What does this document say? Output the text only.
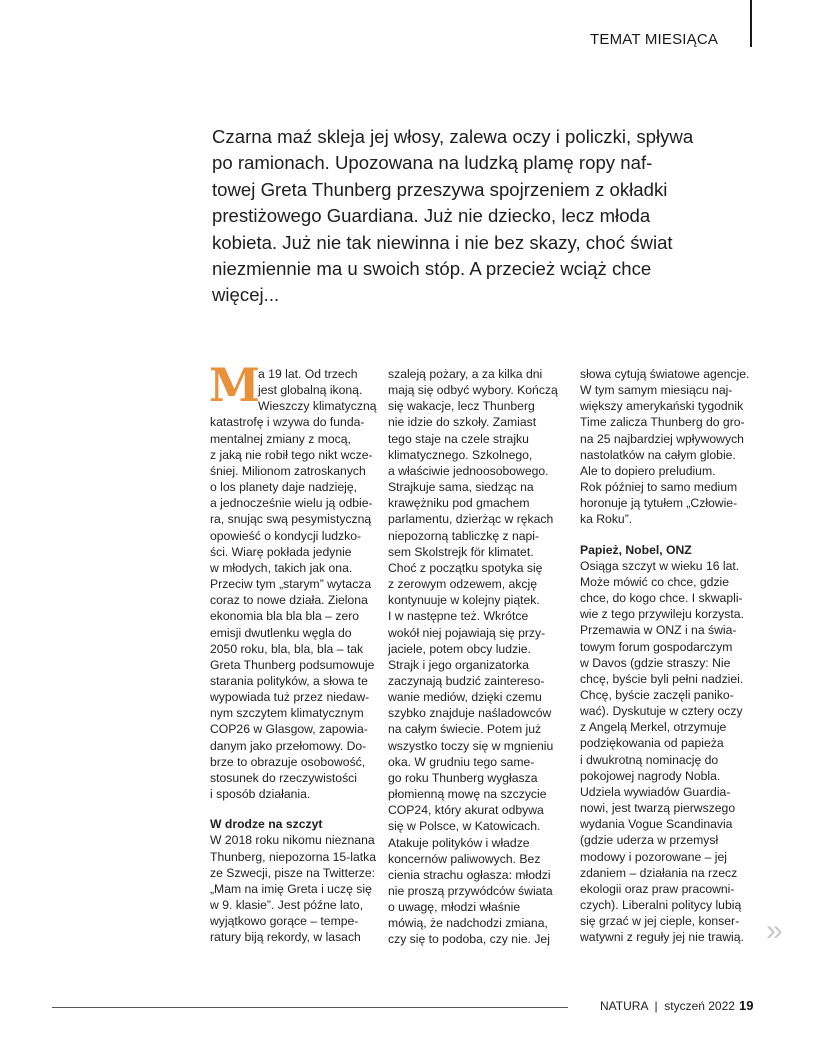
TEMAT MIESIĄCA
Czarna maź skleja jej włosy, zalewa oczy i policzki, spływa
po ramionach. Upozowana na ludzką plamę ropy naf-
towej Greta Thunberg przeszywa spojrzeniem z okładki
prestiżowego Guardiana. Już nie dziecko, lecz młoda
kobieta. Już nie tak niewinna i nie bez skazy, choć świat
niezmiennie ma u swoich stóp. A przecież wciąż chce
więcej...
M
a 19 lat. Od trzech
jest globalną ikoną.
Wieszczy klimatyczną
katastrofę i wzywa do funda-
mentalnej zmiany z mocą,
z jaką nie robił tego nikt wcze-
śniej. Milionom zatroskanych
o los planety daje nadzieję,
a jednocześnie wielu ją odbie-
ra, snując swą pesymistyczną
opowieść o kondycji ludzko-
ści. Wiarę pokłada jedynie
w młodych, takich jak ona.
Przeciw tym „starym” wytacza
coraz to nowe działa. Zielona
ekonomia bla bla bla – zero
emisji dwutlenku węgla do
2050 roku, bla, bla, bla – tak
Greta Thunberg podsumowuje
starania polityków, a słowa te
wypowiada tuż przez niedaw-
nym szczytem klimatycznym
COP26 w Glasgow, zapowia-
danym jako przełomowy. Do-
brze to obrazuje osobowość,
stosunek do rzeczywistości
i sposób działania.
W drodze na szczyt
W 2018 roku nikomu nieznana
Thunberg, niepozorna 15-latka
ze Szwecji, pisze na Twitterze:
„Mam na imię Greta i uczę się
w 9. klasie”. Jest późne lato,
wyjątkowo gorące – tempe-
ratury biją rekordy, w lasach
szaleją pożary, a za kilka dni
mają się odbyć wybory. Kończą
się wakacje, lecz Thunberg
nie idzie do szkoły. Zamiast
tego staje na czele strajku
klimatycznego. Szkolnego,
a właściwie jednoosobowego.
Strajkuje sama, siedząc na
krawężniku pod gmachem
parlamentu, dzierżąc w rękach
niepozorną tabliczkę z napi-
sem Skolstrejk för klimatet.
Choć z początku spotyka się
z zerowym odzewem, akcję
kontynuuje w kolejny piątek.
I w następne też. Wkrótce
wokół niej pojawiają się przy-
jaciele, potem obcy ludzie.
Strajk i jego organizatorka
zaczynają budzić zaintereso-
wanie mediów, dzięki czemu
szybko znajduje naśladowców
na całym świecie. Potem już
wszystko toczy się w mgnieniu
oka. W grudniu tego same-
go roku Thunberg wygłasza
płomienną mowę na szczycie
COP24, który akurat odbywa
się w Polsce, w Katowicach.
Atakuje polityków i władze
koncernów paliwowych. Bez
cienia strachu ogłasza: młodzi
nie proszą przywódców świata
o uwagę, młodzi właśnie
mówią, że nadchodzi zmiana,
czy się to podoba, czy nie. Jej
słowa cytują światowe agencje.
W tym samym miesiącu naj-
większy amerykański tygodnik
Time zalicza Thunberg do gro-
na 25 najbardziej wpływowych
nastolatków na całym globie.
Ale to dopiero preludium.
Rok później to samo medium
horonuje ją tytułem „Człowie-
ka Roku”.
Papież, Nobel, ONZ
Osiąga szczyt w wieku 16 lat.
Może mówić co chce, gdzie
chce, do kogo chce. I skwapli-
wie z tego przywileju korzysta.
Przemawia w ONZ i na świa-
towym forum gospodarczym
w Davos (gdzie straszy: Nie
chcę, byście byli pełni nadziei.
Chcę, byście zaczęli paniko-
wać). Dyskutuje w cztery oczy
z Angelą Merkel, otrzymuje
podziękowania od papieża
i dwukrotną nominację do
pokojowej nagrody Nobla.
Udziela wywiadów Guardia-
nowi, jest twarzą pierwszego
wydania Vogue Scandinavia
(gdzie uderza w przemysł
modowy i pozorowane – jej
zdaniem – działania na rzecz
ekologii oraz praw pracowni-
czych). Liberalni politycy lubią
się grzać w jej cieple, konser-
watywni z reguły jej nie trawią. »
NATURA  |  styczeń 2022 19
